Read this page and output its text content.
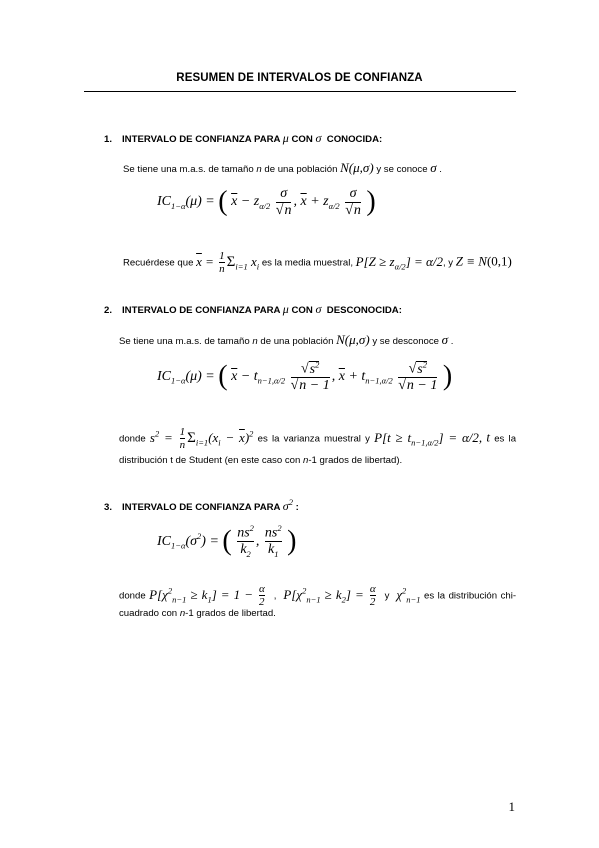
RESUMEN DE INTERVALOS DE CONFIANZA
1. INTERVALO DE CONFIANZA PARA μ CON σ CONOCIDA:
Se tiene una m.a.s. de tamaño n de una población N(μ,σ) y se conoce σ .
$IC_{1-\alpha}(\mu)$ = ( $\overline{x} - z_{\alpha/2} \frac{\sigma}{√n}$ , $\overline{x} + z_{\alpha/2} \frac{\sigma}{√n}$ )
Recuérdese que $\overline{x} = \frac{1}{n} \Sigma_{i=1}$ $x_i$ es la media muestral, $P[Z \ge z_{\alpha/2}] = \alpha/2$, y Z ≡ N(0,1)
2. INTERVALO DE CONFIANZA PARA μ CON σ DESCONOCIDA:
Se tiene una m.a.s. de tamaño n de una población N(μ,σ) y se desconoce σ .
$IC_{1-\alpha}(\mu)$ = ( $\overline{x} - t_{n-1,\alpha/2} \frac{√s^2}{√n - 1}$ , $\overline{x} + t_{n-1,\alpha/2} \frac{√s^2}{√n - 1}$ )
donde $s^2 = \frac{1}{n} \Sigma_{i=1}(x_i - \overline{x})^2$ es la varianza muestral y $P[t \ge t_{n-1,\alpha/2}] = \alpha/2$, t es la
distribución t de Student (en este caso con n-1 grados de libertad).
3. INTERVALO DE CONFIANZA PARA $\sigma^2$ :
$IC_{1-\alpha}(\sigma^2)$ = ( $\frac{ns^2}{k_2}$ , $\frac{ns^2}{k_1}$ )
donde $P[\chi^2_{n-1} \ge k_1] = 1 - \frac{\alpha}{2}$ ,  $P[\chi^2_{n-1} \ge k_2] = \frac{\alpha}{2}$ y  $\chi^2_{n-1}$ es la distribución chi-
cuadrado con n-1 grados de libertad.
1
